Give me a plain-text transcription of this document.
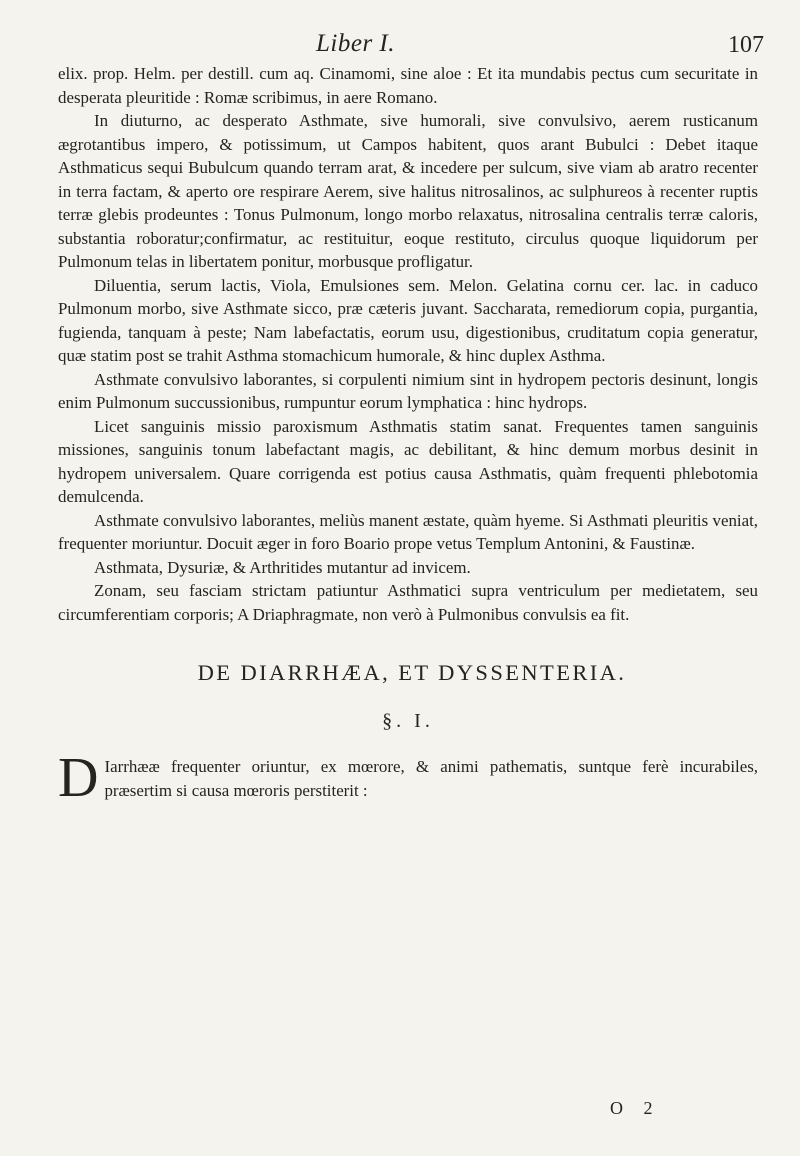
Liber I.	107

elix. prop. Helm. per destill. cum aq. Cinamomi, sine aloe : Et ita mundabis pectus cum securitate in desperata pleuritide : Romæ scribimus, in aere Romano.

In diuturno, ac desperato Asthmate, sive humorali, sive convulsivo, aerem rusticanum ægrotantibus impero, & potissimum, ut Campos habitent, quos arant Bubulci : Debet itaque Asthmaticus sequi Bubulcum quando terram arat, & incedere per sulcum, sive viam ab aratro recenter in terra factam, & aperto ore respirare Aerem, sive halitus nitrosalinos, ac sulphureos à recenter ruptis terræ glebis prodeuntes : Tonus Pulmonum, longo morbo relaxatus, nitrosalina centralis terræ caloris, substantia roboratur;confirmatur, ac restituitur, eoque restituto, circulus quoque liquidorum per Pulmonum telas in libertatem ponitur, morbusque profligatur.

Diluentia, serum lactis, Viola, Emulsiones sem. Melon. Gelatina cornu cer. lac. in caduco Pulmonum morbo, sive Asthmate sicco, præ cæteris juvant. Saccharata, remediorum copia, purgantia, fugienda, tanquam à peste; Nam labefactatis, eorum usu, digestionibus, cruditatum copia generatur, quæ statim post se trahit Asthma stomachicum humorale, & hinc duplex Asthma.

Asthmate convulsivo laborantes, si corpulenti nimium sint in hydropem pectoris desinunt, longis enim Pulmonum succussionibus, rumpuntur eorum lymphatica : hinc hydrops.

Licet sanguinis missio paroxismum Asthmatis statim sanat. Frequentes tamen sanguinis missiones, sanguinis tonum labefactant magis, ac debilitant, & hinc demum morbus desinit in hydropem universalem. Quare corrigenda est potius causa Asthmatis, quàm frequenti phlebotomia demulcenda.

Asthmate convulsivo laborantes, meliùs manent æstate, quàm hyeme. Si Asthmati pleuritis veniat, frequenter moriuntur. Docuit æger in foro Boario prope vetus Templum Antonini, & Faustinæ.

Asthmata, Dysuriæ, & Arthritides mutantur ad invicem.

Zonam, seu fasciam strictam patiuntur Asthmatici supra ventriculum per medietatem, seu circumferentiam corporis; A Driaphragmate, non verò à Pulmonibus convulsis ea fit.

DE DIARRHÆA, ET DYSSENTERIA.
§. I.
D Iarrhææ frequenter oriuntur, ex mœrore, & animi pathematis, suntque ferè incurabiles, præsertim si causa mœroris perstiterit :

O 2
